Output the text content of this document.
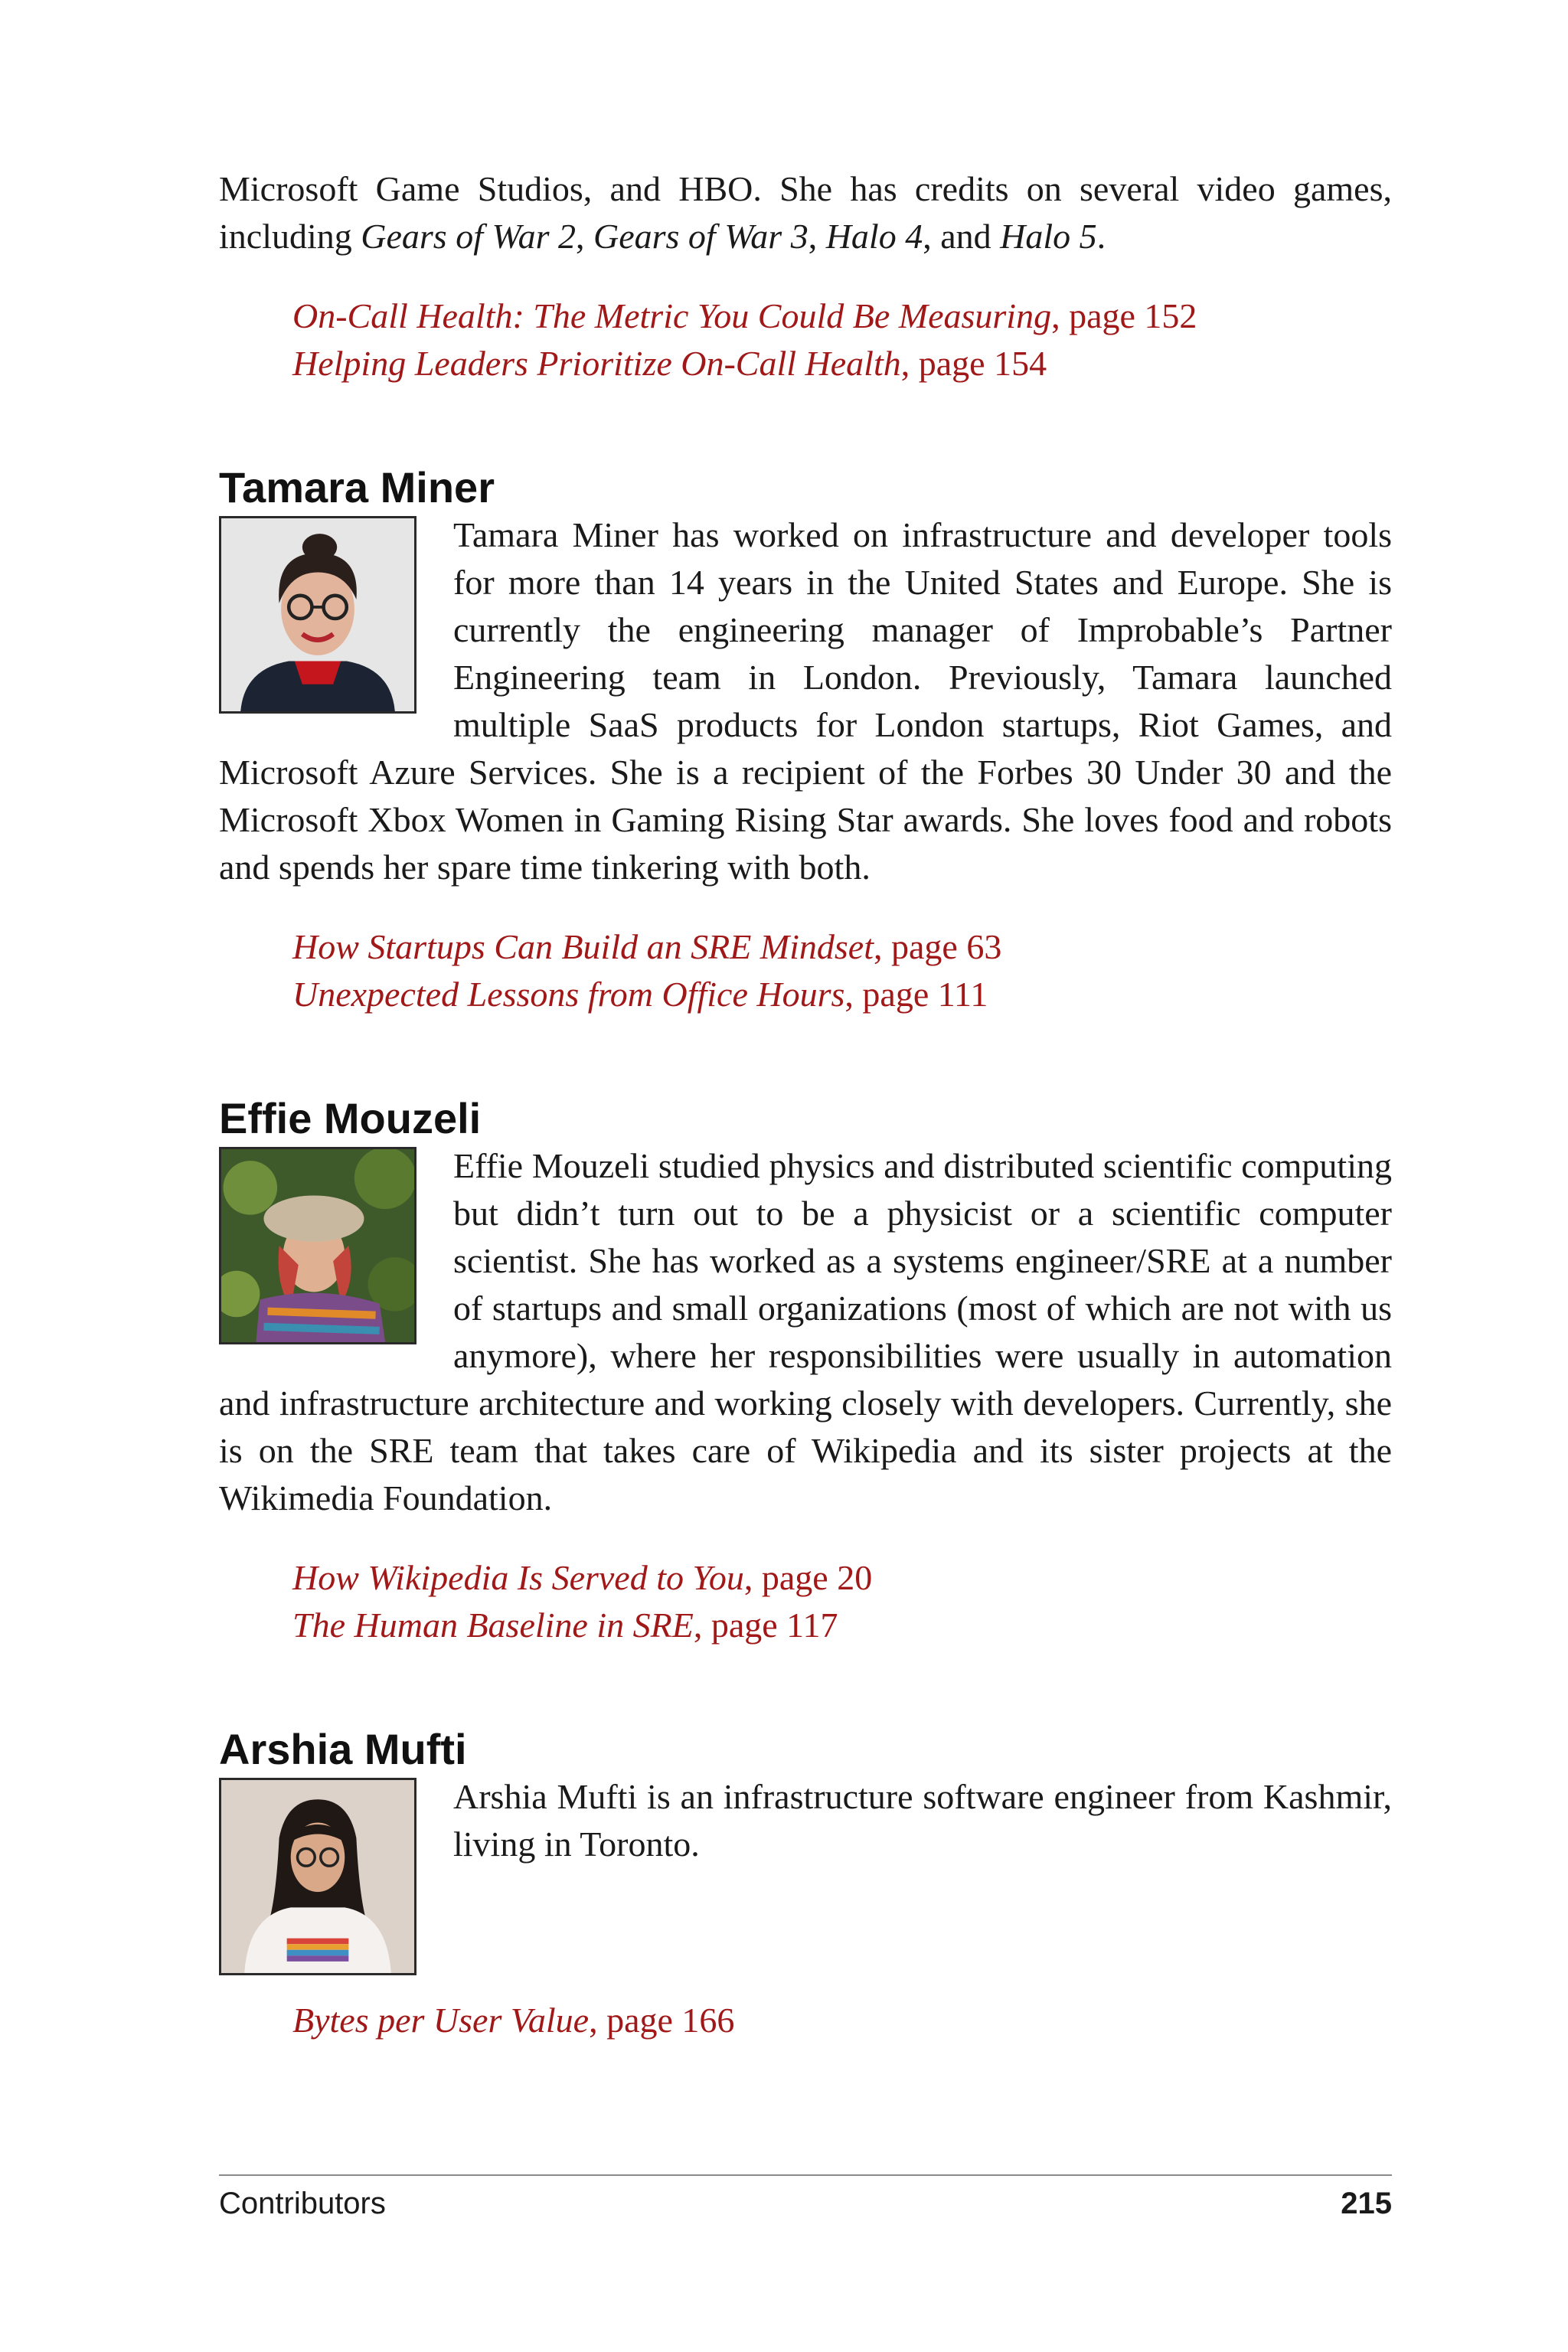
Microsoft Game Studios, and HBO. She has credits on several video games, including Gears of War 2, Gears of War 3, Halo 4, and Halo 5.

On-Call Health: The Metric You Could Be Measuring, page 152

Helping Leaders Prioritize On-Call Health, page 154

Tamara Miner

Tamara Miner has worked on infrastructure and developer tools for more than 14 years in the United States and Europe. She is currently the engineering manager of Improbable’s Partner Engineering team in London. Previously, Tamara launched multiple SaaS products for London startups, Riot Games, and Microsoft Azure Services. She is a recipient of the Forbes 30 Under 30 and the Microsoft Xbox Women in Gaming Rising Star awards. She loves food and robots and spends her spare time tinkering with both.

How Startups Can Build an SRE Mindset, page 63

Unexpected Lessons from Office Hours, page 111

Effie Mouzeli

Effie Mouzeli studied physics and distributed scientific computing but didn’t turn out to be a physicist or a scientific computer scientist. She has worked as a systems engineer/SRE at a number of startups and small organizations (most of which are not with us anymore), where her responsibilities were usually in automation and infrastructure architecture and working closely with developers. Currently, she is on the SRE team that takes care of Wikipedia and its sister projects at the Wikimedia Foundation.

How Wikipedia Is Served to You, page 20

The Human Baseline in SRE, page 117

Arshia Mufti

Arshia Mufti is an infrastructure software engineer from Kashmir, living in Toronto.

Bytes per User Value, page 166

Contributors	215
